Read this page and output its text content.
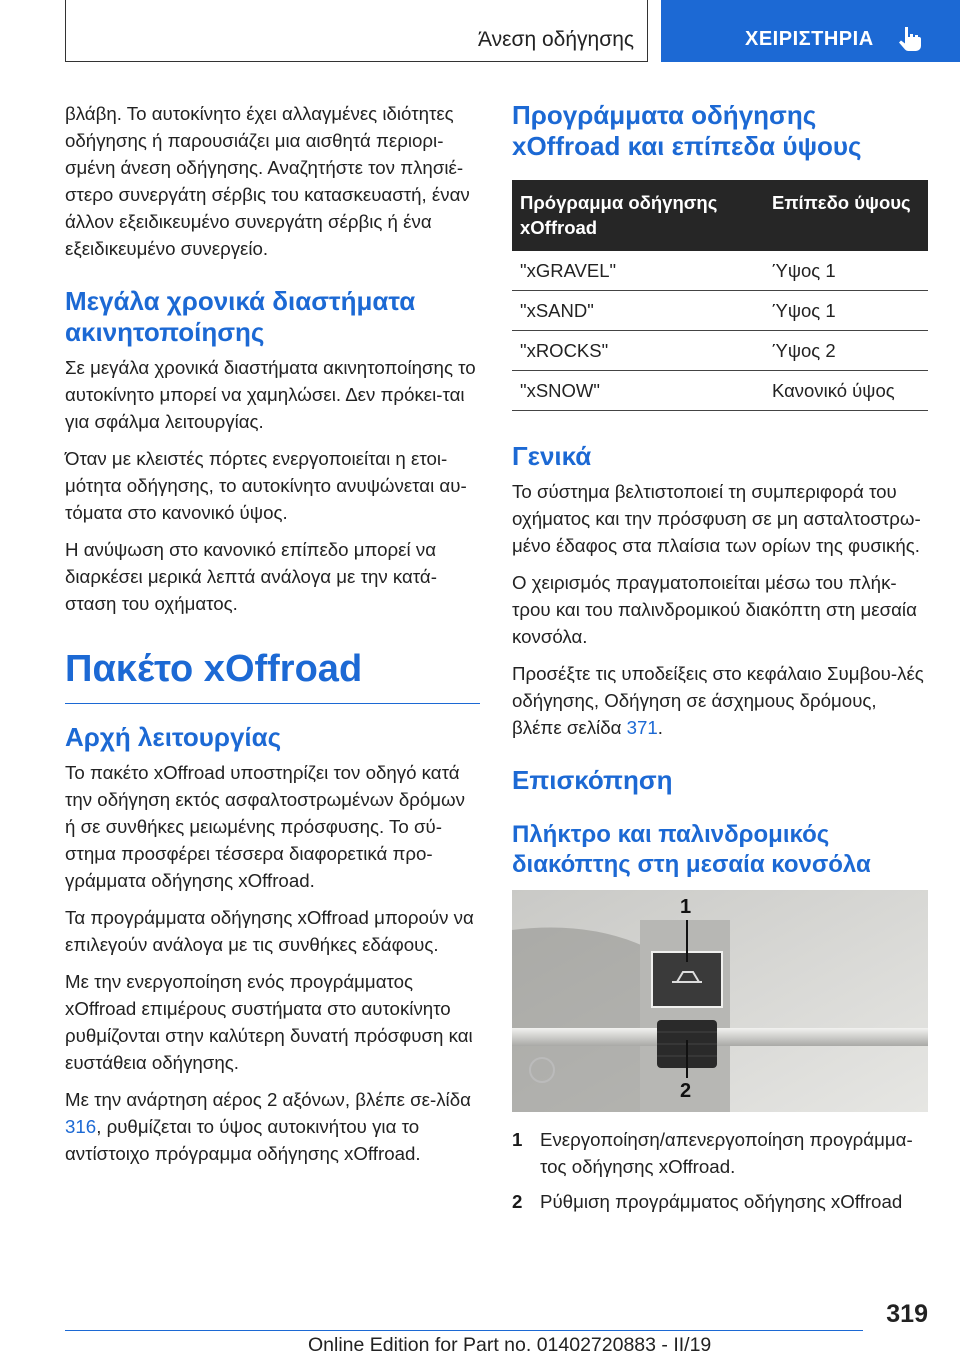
Άνεση οδήγησης	ΧΕΙΡΙΣΤΗΡΙΑ

βλάβη. Το αυτοκίνητο έχει αλλαγμένες ιδιότητες οδήγησης ή παρουσιάζει μια αισθητά περιορι-σμένη άνεση οδήγησης. Αναζητήστε τον πλησιέ-στερο συνεργάτη σέρβις του κατασκευαστή, έναν άλλον εξειδικευμένο συνεργάτη σέρβις ή ένα εξειδικευμένο συνεργείο.

Μεγάλα χρονικά διαστήματα ακινητοποίησης

Σε μεγάλα χρονικά διαστήματα ακινητοποίησης το αυτοκίνητο μπορεί να χαμηλώσει. Δεν πρόκει-ται για σφάλμα λειτουργίας.

Όταν με κλειστές πόρτες ενεργοποιείται η ετοι-μότητα οδήγησης, το αυτοκίνητο ανυψώνεται αυ-τόματα στο κανονικό ύψος.

Η ανύψωση στο κανονικό επίπεδο μπορεί να διαρκέσει μερικά λεπτά ανάλογα με την κατά-σταση του οχήματος.

Πακέτο xOffroad
Αρχή λειτουργίας

Το πακέτο xOffroad υποστηρίζει τον οδηγό κατά την οδήγηση εκτός ασφαλτοστρωμένων δρόμων ή σε συνθήκες μειωμένης πρόσφυσης. Το σύ-στημα προσφέρει τέσσερα διαφορετικά προ-γράμματα οδήγησης xOffroad.

Τα προγράμματα οδήγησης xOffroad μπορούν να επιλεγούν ανάλογα με τις συνθήκες εδάφους.

Με την ενεργοποίηση ενός προγράμματος xOffroad επιμέρους συστήματα στο αυτοκίνητο ρυθμίζονται στην καλύτερη δυνατή πρόσφυση και ευστάθεια οδήγησης.

Με την ανάρτηση αέρος 2 αξόνων, βλέπε σε-λίδα 316, ρυθμίζεται το ύψος αυτοκινήτου για το αντίστοιχο πρόγραμμα οδήγησης xOffroad.

Προγράμματα οδήγησης xOffroad και επίπεδα ύψους
Πρόγραμμα οδήγησης xOffroad	Επίπεδο ύψους
"xGRAVEL"	Ύψος 1
"xSAND"	Ύψος 1
"xROCKS"	Ύψος 2
"xSNOW"	Κανονικό ύψος
Γενικά

Το σύστημα βελτιστοποιεί τη συμπεριφορά του οχήματος και την πρόσφυση σε μη ασταλτοστρω-μένο έδαφος στα πλαίσια των ορίων της φυσικής.

Ο χειρισμός πραγματοποιείται μέσω του πλήκ-τρου και του παλινδρομικού διακόπτη στη μεσαία κονσόλα.

Προσέξτε τις υποδείξεις στο κεφάλαιο Συμβου-λές οδήγησης, Οδήγηση σε άσχημους δρόμους, βλέπε σελίδα 371.

Επισκόπηση
Πλήκτρο και παλινδρομικός διακόπτης στη μεσαία κονσόλα
1
2
1 Ενεργοποίηση/απενεργοποίηση προγράμμα-τος οδήγησης xOffroad.
2 Ρύθμιση προγράμματος οδήγησης xOffroad
319
Online Edition for Part no. 01402720883 - II/19
